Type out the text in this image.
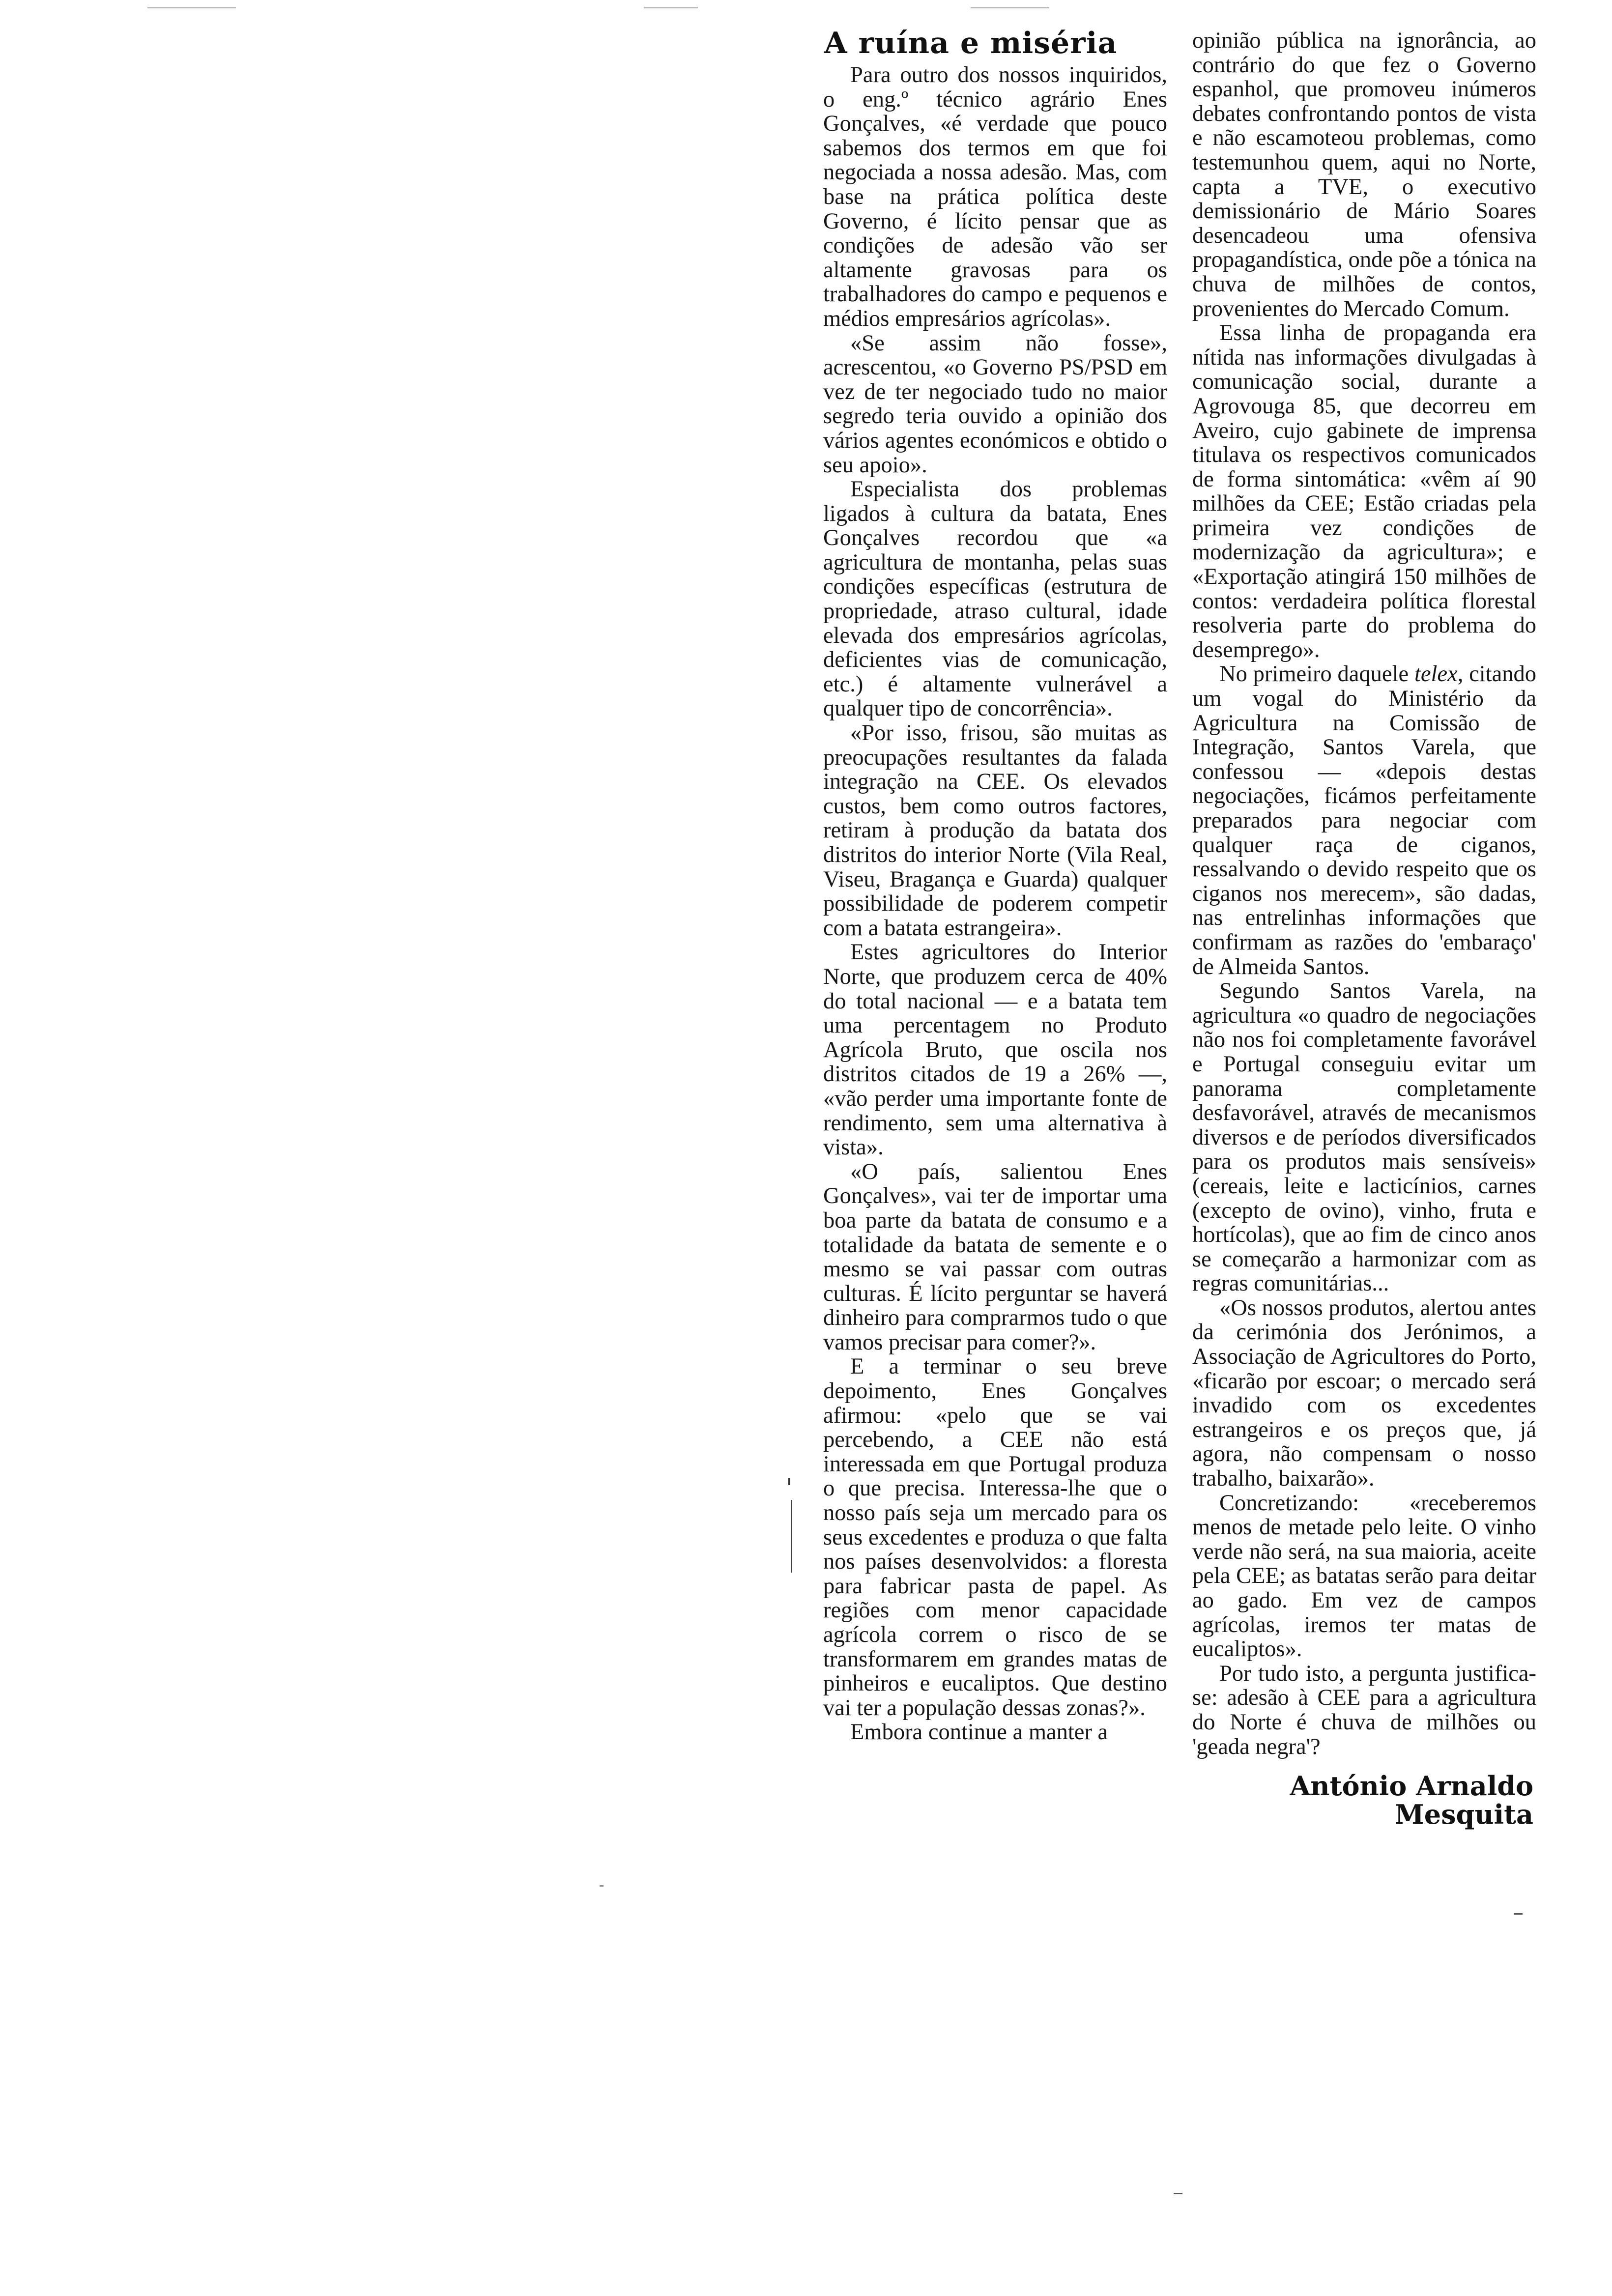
A ruína e miséria

Para outro dos nossos inquiridos, o eng.º técnico agrário Enes Gonçalves, «é verdade que pouco sabemos dos termos em que foi negociada a nossa adesão. Mas, com base na prática política deste Governo, é lícito pensar que as condições de adesão vão ser altamente gravosas para os trabalhadores do campo e pequenos e médios empresários agrícolas».

«Se assim não fosse», acrescentou, «o Governo PS/PSD em vez de ter negociado tudo no maior segredo teria ouvido a opinião dos vários agentes económicos e obtido o seu apoio».

Especialista dos problemas ligados à cultura da batata, Enes Gonçalves recordou que «a agricultura de montanha, pelas suas condições específicas (estrutura de propriedade, atraso cultural, idade elevada dos empresários agrícolas, deficientes vias de comunicação, etc.) é altamente vulnerável a qualquer tipo de concorrência».

«Por isso, frisou, são muitas as preocupações resultantes da falada integração na CEE. Os elevados custos, bem como outros factores, retiram à produção da batata dos distritos do interior Norte (Vila Real, Viseu, Bragança e Guarda) qualquer possibilidade de poderem competir com a batata estrangeira».

Estes agricultores do Interior Norte, que produzem cerca de 40% do total nacional — e a batata tem uma percentagem no Produto Agrícola Bruto, que oscila nos distritos citados de 19 a 26% —, «vão perder uma importante fonte de rendimento, sem uma alternativa à vista».

«O país, salientou Enes Gonçalves», vai ter de importar uma boa parte da batata de consumo e a totalidade da batata de semente e o mesmo se vai passar com outras culturas. É lícito perguntar se haverá dinheiro para comprarmos tudo o que vamos precisar para comer?».

E a terminar o seu breve depoimento, Enes Gonçalves afirmou: «pelo que se vai percebendo, a CEE não está interessada em que Portugal produza o que precisa. Interessa-lhe que o nosso país seja um mercado para os seus excedentes e produza o que falta nos países desenvolvidos: a floresta para fabricar pasta de papel. As regiões com menor capacidade agrícola correm o risco de se transformarem em grandes matas de pinheiros e eucaliptos. Que destino vai ter a população dessas zonas?».

Embora continue a manter a

opinião pública na ignorância, ao contrário do que fez o Governo espanhol, que promoveu inúmeros debates confrontando pontos de vista e não escamoteou problemas, como testemunhou quem, aqui no Norte, capta a TVE, o executivo demissionário de Mário Soares desencadeou uma ofensiva propagandística, onde põe a tónica na chuva de milhões de contos, provenientes do Mercado Comum.

Essa linha de propaganda era nítida nas informações divulgadas à comunicação social, durante a Agrovouga 85, que decorreu em Aveiro, cujo gabinete de imprensa titulava os respectivos comunicados de forma sintomática: «vêm aí 90 milhões da CEE; Estão criadas pela primeira vez condições de modernização da agricultura»; e «Exportação atingirá 150 milhões de contos: verdadeira política florestal resolveria parte do problema do desemprego».

No primeiro daquele telex, citando um vogal do Ministério da Agricultura na Comissão de Integração, Santos Varela, que confessou — «depois destas negociações, ficámos perfeitamente preparados para negociar com qualquer raça de ciganos, ressalvando o devido respeito que os ciganos nos merecem», são dadas, nas entrelinhas informações que confirmam as razões do 'embaraço' de Almeida Santos.

Segundo Santos Varela, na agricultura «o quadro de negociações não nos foi completamente favorável e Portugal conseguiu evitar um panorama completamente desfavorável, através de mecanismos diversos e de períodos diversificados para os produtos mais sensíveis» (cereais, leite e lacticínios, carnes (excepto de ovino), vinho, fruta e hortícolas), que ao fim de cinco anos se começarão a harmonizar com as regras comunitárias...

«Os nossos produtos, alertou antes da cerimónia dos Jerónimos, a Associação de Agricultores do Porto, «ficarão por escoar; o mercado será invadido com os excedentes estrangeiros e os preços que, já agora, não compensam o nosso trabalho, baixarão».

Concretizando: «receberemos menos de metade pelo leite. O vinho verde não será, na sua maioria, aceite pela CEE; as batatas serão para deitar ao gado. Em vez de campos agrícolas, iremos ter matas de eucaliptos».

Por tudo isto, a pergunta justifica-se: adesão à CEE para a agricultura do Norte é chuva de milhões ou 'geada negra'?

António Arnaldo
Mesquita
